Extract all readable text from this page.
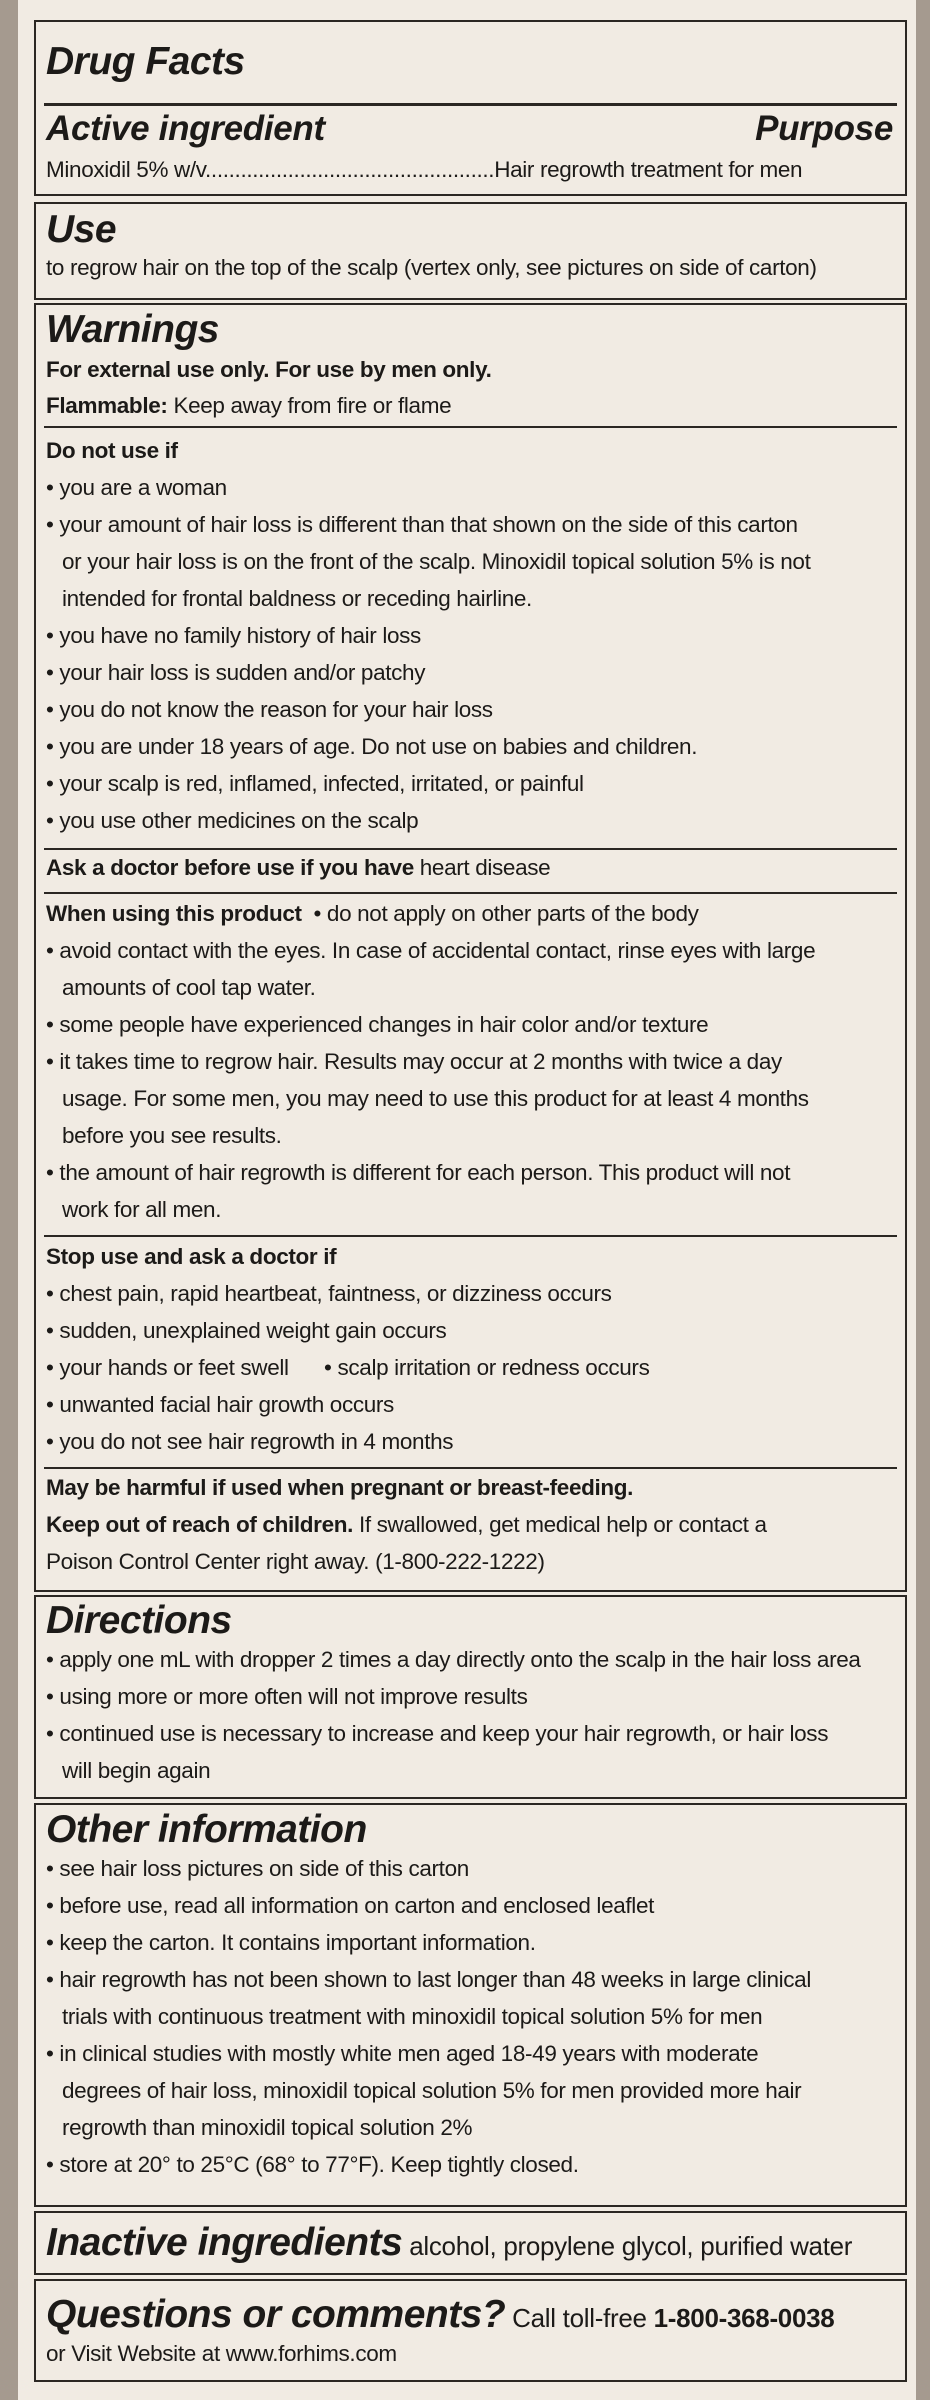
Drug Facts
Active ingredient	Purpose
Minoxidil 5% w/v.................................................Hair regrowth treatment for men
Use
to regrow hair on the top of the scalp (vertex only, see pictures on side of carton)
Warnings
For external use only. For use by men only.
Flammable: Keep away from fire or flame
Do not use if
• you are a woman
• your amount of hair loss is different than that shown on the side of this carton
or your hair loss is on the front of the scalp. Minoxidil topical solution 5% is not
intended for frontal baldness or receding hairline.
• you have no family history of hair loss
• your hair loss is sudden and/or patchy
• you do not know the reason for your hair loss
• you are under 18 years of age. Do not use on babies and children.
• your scalp is red, inflamed, infected, irritated, or painful
• you use other medicines on the scalp
Ask a doctor before use if you have heart disease
When using this product  • do not apply on other parts of the body
• avoid contact with the eyes. In case of accidental contact, rinse eyes with large
amounts of cool tap water.
• some people have experienced changes in hair color and/or texture
• it takes time to regrow hair. Results may occur at 2 months with twice a day
usage. For some men, you may need to use this product for at least 4 months
before you see results.
• the amount of hair regrowth is different for each person. This product will not
work for all men.
Stop use and ask a doctor if
• chest pain, rapid heartbeat, faintness, or dizziness occurs
• sudden, unexplained weight gain occurs
• your hands or feet swell      • scalp irritation or redness occurs
• unwanted facial hair growth occurs
• you do not see hair regrowth in 4 months
May be harmful if used when pregnant or breast-feeding.
Keep out of reach of children. If swallowed, get medical help or contact a
Poison Control Center right away. (1-800-222-1222)
Directions
• apply one mL with dropper 2 times a day directly onto the scalp in the hair loss area
• using more or more often will not improve results
• continued use is necessary to increase and keep your hair regrowth, or hair loss
will begin again
Other information
• see hair loss pictures on side of this carton
• before use, read all information on carton and enclosed leaflet
• keep the carton. It contains important information.
• hair regrowth has not been shown to last longer than 48 weeks in large clinical
trials with continuous treatment with minoxidil topical solution 5% for men
• in clinical studies with mostly white men aged 18-49 years with moderate
degrees of hair loss, minoxidil topical solution 5% for men provided more hair
regrowth than minoxidil topical solution 2%
• store at 20° to 25°C (68° to 77°F). Keep tightly closed.
Inactive ingredients alcohol, propylene glycol, purified water
Questions or comments? Call toll-free 1-800-368-0038
or Visit Website at www.forhims.com
